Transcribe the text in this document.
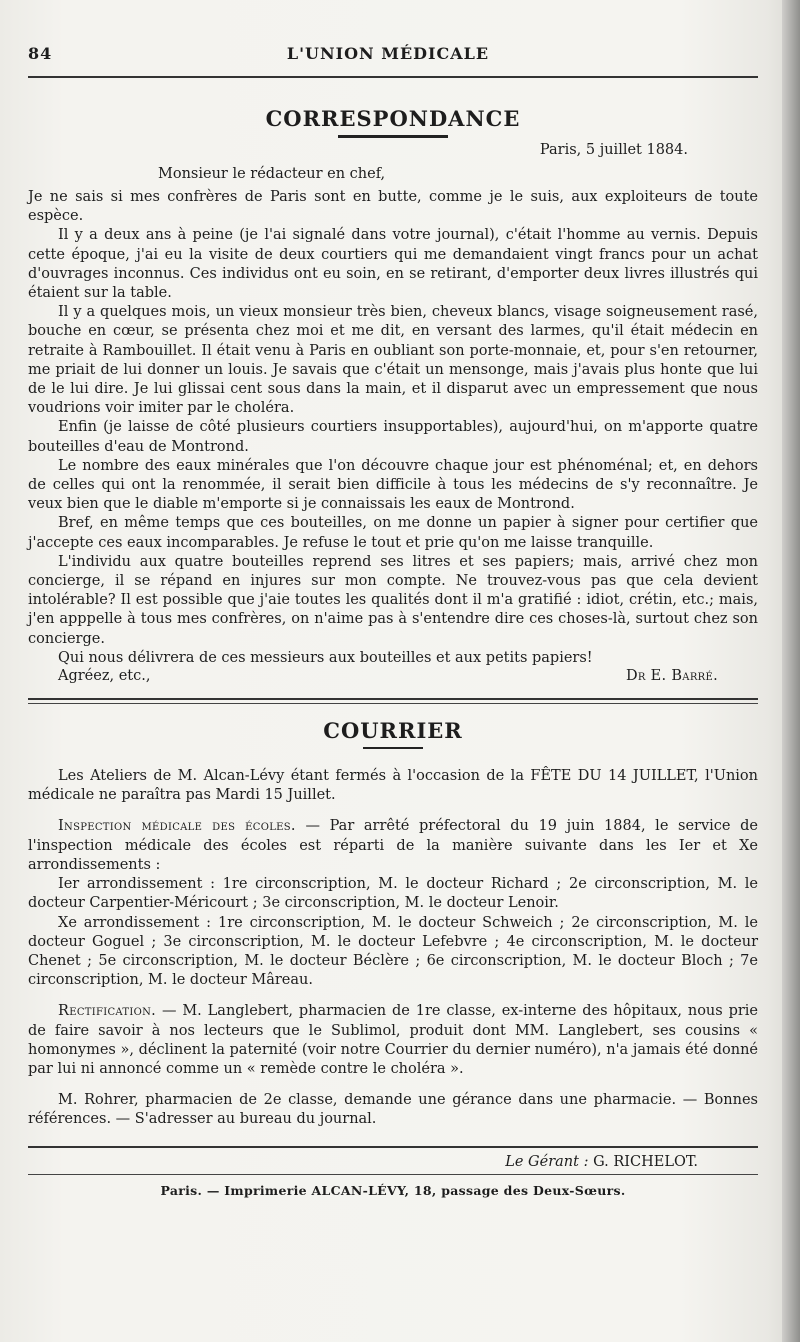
84	L'UNION MÉDICALE
CORRESPONDANCE
Paris, 5 juillet 1884.
Monsieur le rédacteur en chef,

Je ne sais si mes confrères de Paris sont en butte, comme je le suis, aux exploiteurs de toute espèce.

Il y a deux ans à peine (je l'ai signalé dans votre journal), c'était l'homme au vernis. Depuis cette époque, j'ai eu la visite de deux courtiers qui me demandaient vingt francs pour un achat d'ouvrages inconnus. Ces individus ont eu soin, en se retirant, d'emporter deux livres illustrés qui étaient sur la table.

Il y a quelques mois, un vieux monsieur très bien, cheveux blancs, visage soigneusement rasé, bouche en cœur, se présenta chez moi et me dit, en versant des larmes, qu'il était médecin en retraite à Rambouillet. Il était venu à Paris en oubliant son porte-monnaie, et, pour s'en retourner, me priait de lui donner un louis. Je savais que c'était un mensonge, mais j'avais plus honte que lui de le lui dire. Je lui glissai cent sous dans la main, et il disparut avec un empressement que nous voudrions voir imiter par le choléra.

Enfin (je laisse de côté plusieurs courtiers insupportables), aujourd'hui, on m'apporte quatre bouteilles d'eau de Montrond.

Le nombre des eaux minérales que l'on découvre chaque jour est phénoménal; et, en dehors de celles qui ont la renommée, il serait bien difficile à tous les médecins de s'y reconnaître. Je veux bien que le diable m'emporte si je connaissais les eaux de Montrond.

Bref, en même temps que ces bouteilles, on me donne un papier à signer pour certifier que j'accepte ces eaux incomparables. Je refuse le tout et prie qu'on me laisse tranquille.

L'individu aux quatre bouteilles reprend ses litres et ses papiers; mais, arrivé chez mon concierge, il se répand en injures sur mon compte. Ne trouvez-vous pas que cela devient intolérable? Il est possible que j'aie toutes les qualités dont il m'a gratifié : idiot, crétin, etc.; mais, j'en apppelle à tous mes confrères, on n'aime pas à s'entendre dire ces choses-là, surtout chez son concierge.

Qui nous délivrera de ces messieurs aux bouteilles et aux petits papiers!

Agréez, etc.,	Dr E. Barré.
COURRIER

Les Ateliers de M. Alcan-Lévy étant fermés à l'occasion de la FÊTE DU 14 JUILLET, l'Union médicale ne paraîtra pas Mardi 15 Juillet.

Inspection médicale des écoles. — Par arrêté préfectoral du 19 juin 1884, le service de l'inspection médicale des écoles est réparti de la manière suivante dans les Ier et Xe arrondissements :

Ier arrondissement : 1re circonscription, M. le docteur Richard ; 2e circonscription, M. le docteur Carpentier-Méricourt ; 3e circonscription, M. le docteur Lenoir.

Xe arrondissement : 1re circonscription, M. le docteur Schweich ; 2e circonscription, M. le docteur Goguel ; 3e circonscription, M. le docteur Lefebvre ; 4e circonscription, M. le docteur Chenet ; 5e circonscription, M. le docteur Béclère ; 6e circonscription, M. le docteur Bloch ; 7e circonscription, M. le docteur Mâreau.

Rectification. — M. Langlebert, pharmacien de 1re classe, ex-interne des hôpitaux, nous prie de faire savoir à nos lecteurs que le Sublimol, produit dont MM. Langlebert, ses cousins « homonymes », déclinent la paternité (voir notre Courrier du dernier numéro), n'a jamais été donné par lui ni annoncé comme un « remède contre le choléra ».

M. Rohrer, pharmacien de 2e classe, demande une gérance dans une pharmacie. — Bonnes références. — S'adresser au bureau du journal.

Le Gérant : G. RICHELOT.
Paris. — Imprimerie ALCAN-LÉVY, 18, passage des Deux-Sœurs.
